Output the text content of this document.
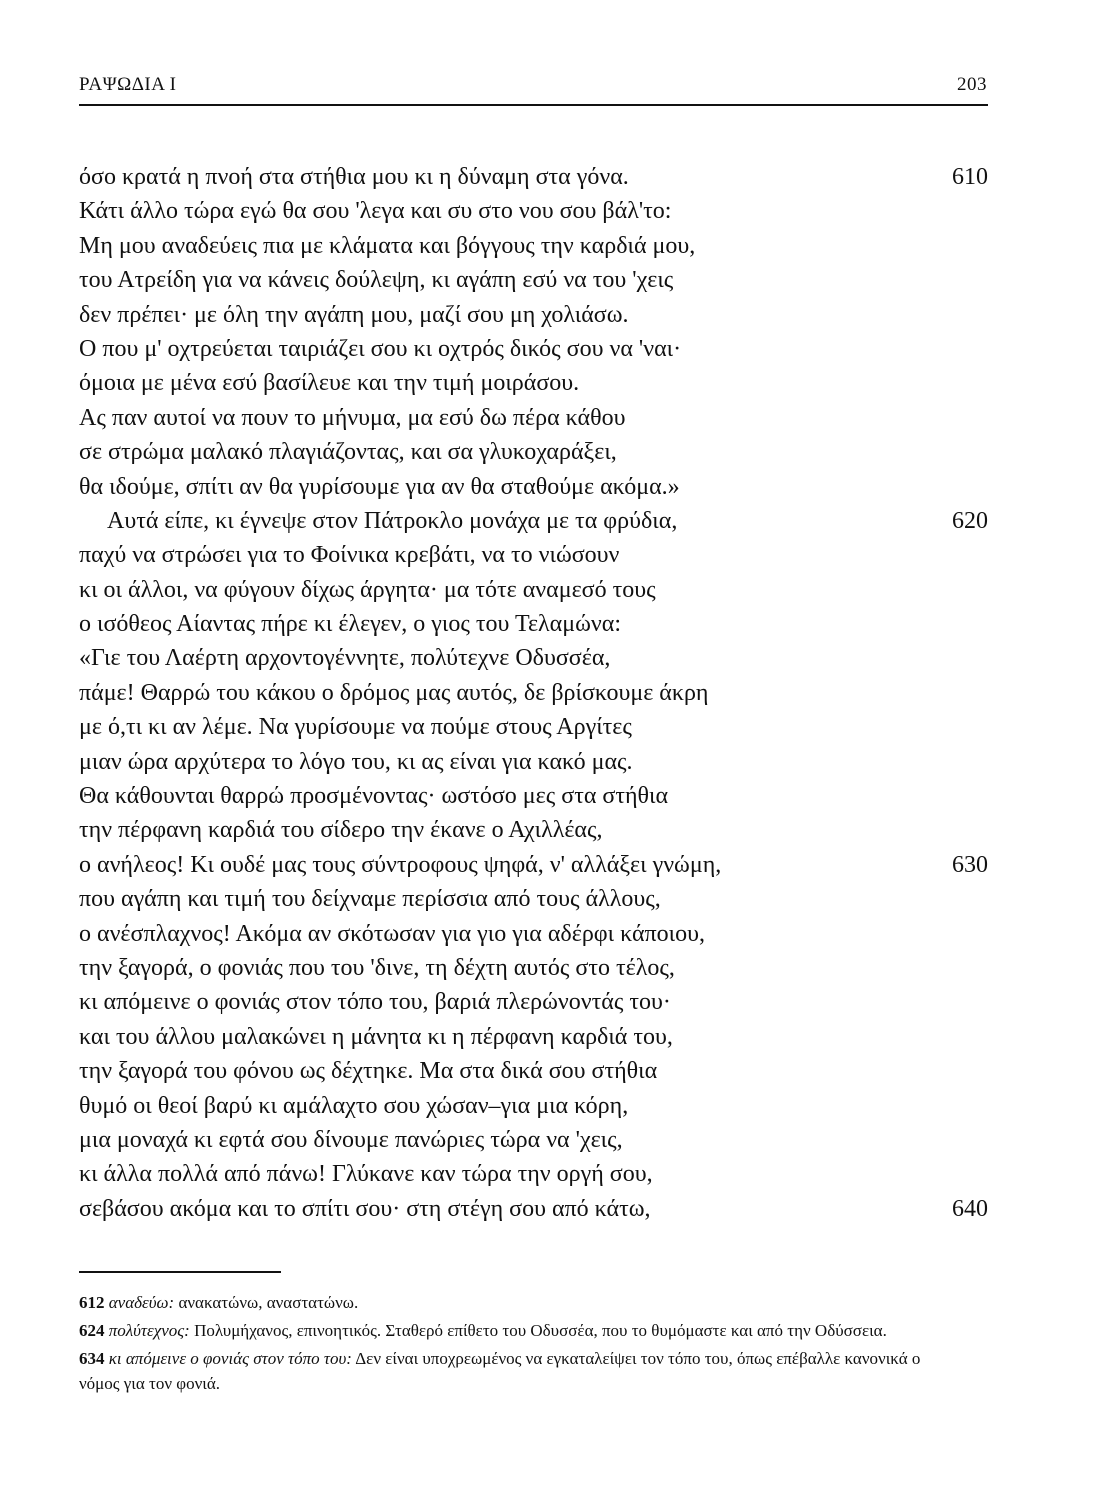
ΡΑΨΩΔΙΑ Ι	203
όσο κρατά η πνοή στα στήθια μου κι η δύναμη στα γόνα.	610
Κάτι άλλο τώρα εγώ θα σου 'λεγα και συ στο νου σου βάλ'το:
Μη μου αναδεύεις πια με κλάματα και βόγγους την καρδιά μου,
του Ατρείδη για να κάνεις δούλεψη, κι αγάπη εσύ να του 'χεις
δεν πρέπει· με όλη την αγάπη μου, μαζί σου μη χολιάσω.
Ο που μ' οχτρεύεται ταιριάζει σου κι οχτρός δικός σου να 'ναι·
όμοια με μένα εσύ βασίλευε και την τιμή μοιράσου.
Ας παν αυτοί να πουν το μήνυμα, μα εσύ δω πέρα κάθου
σε στρώμα μαλακό πλαγιάζοντας, και σα γλυκοχαράξει,
θα ιδούμε, σπίτι αν θα γυρίσουμε για αν θα σταθούμε ακόμα.»
Αυτά είπε, κι έγνεψε στον Πάτροκλο μονάχα με τα φρύδια,	620
παχύ να στρώσει για το Φοίνικα κρεβάτι, να το νιώσουν
κι οι άλλοι, να φύγουν δίχως άργητα· μα τότε αναμεσό τους
ο ισόθεος Αίαντας πήρε κι έλεγεν, ο γιος του Τελαμώνα:
«Γιε του Λαέρτη αρχοντογέννητε, πολύτεχνε Οδυσσέα,
πάμε! Θαρρώ του κάκου ο δρόμος μας αυτός, δε βρίσκουμε άκρη
με ό,τι κι αν λέμε. Να γυρίσουμε να πούμε στους Αργίτες
μιαν ώρα αρχύτερα το λόγο του, κι ας είναι για κακό μας.
Θα κάθουνται θαρρώ προσμένοντας· ωστόσο μες στα στήθια
την πέρφανη καρδιά του σίδερο την έκανε ο Αχιλλέας,
ο ανήλεος! Κι ουδέ μας τους σύντροφους ψηφά, ν' αλλάξει γνώμη,	630
που αγάπη και τιμή του δείχναμε περίσσια από τους άλλους,
ο ανέσπλαχνος! Ακόμα αν σκότωσαν για γιο για αδέρφι κάποιου,
την ξαγορά, ο φονιάς που του 'δινε, τη δέχτη αυτός στο τέλος,
κι απόμεινε ο φονιάς στον τόπο του, βαριά πλερώνοντάς του·
και του άλλου μαλακώνει η μάνητα κι η πέρφανη καρδιά του,
την ξαγορά του φόνου ως δέχτηκε. Μα στα δικά σου στήθια
θυμό οι θεοί βαρύ κι αμάλαχτο σου χώσαν–για μια κόρη,
μια μοναχά κι εφτά σου δίνουμε πανώριες τώρα να 'χεις,
κι άλλα πολλά από πάνω! Γλύκανε καν τώρα την οργή σου,
σεβάσου ακόμα και το σπίτι σου· στη στέγη σου από κάτω,	640
612 αναδεύω: ανακατώνω, αναστατώνω.
624 πολύτεχνος: Πολυμήχανος, επινοητικός. Σταθερό επίθετο του Οδυσσέα, που το θυμόμαστε και από την Οδύσσεια.
634 κι απόμεινε ο φονιάς στον τόπο του: Δεν είναι υποχρεωμένος να εγκαταλείψει τον τόπο του, όπως επέβαλλε κανονικά ο νόμος για τον φονιά.
